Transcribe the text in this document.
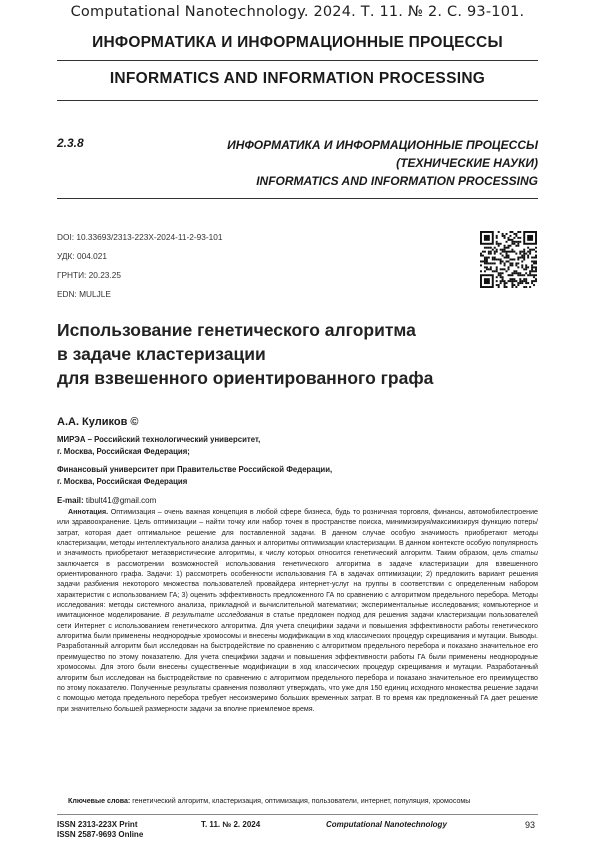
Computational Nanotechnology. 2024. Т. 11. № 2. С. 93-101.
ИНФОРМАТИКА И ИНФОРМАЦИОННЫЕ ПРОЦЕССЫ
INFORMATICS AND INFORMATION PROCESSING
2.3.8	ИНФОРМАТИКА И ИНФОРМАЦИОННЫЕ ПРОЦЕССЫ
(ТЕХНИЧЕСКИЕ НАУКИ)
INFORMATICS AND INFORMATION PROCESSING
DOI: 10.33693/2313-223X-2024-11-2-93-101
УДК: 004.021
ГРНТИ: 20.23.25
EDN: MULJLE
Использование генетического алгоритма
в задаче кластеризации
для взвешенного ориентированного графа
А.А. Куликов ©
МИРЭА – Российский технологический университет,
г. Москва, Российская Федерация;
Финансовый университет при Правительстве Российской Федерации,
г. Москва, Российская Федерация
E-mail: tibult41@gmail.com

Аннотация. Оптимизация – очень важная концепция в любой сфере бизнеса, будь то розничная торговля, финансы, автомобилестроение или здравоохранение. Цель оптимизации – найти точку или набор точек в пространстве поиска, минимизируя/максимизируя функцию потерь/затрат, которая дает оптимальное решение для поставленной задачи. В данном случае особую значимость приобретают методы кластеризации, методы интеллектуального анализа данных и алгоритмы оптимизации кластеризации. В данном контексте особую популярность и значимость приобретают метаэвристические алгоритмы, к числу которых относится генетический алгоритм. Таким образом, цель статьи заключается в рассмотрении возможностей использования генетического алгоритма в задаче кластеризации для взвешенного ориентированного графа. Задачи: 1) рассмотреть особенности использования ГА в задачах оптимизации; 2) предложить вариант решения задачи разбиения некоторого множества пользователей провайдера интернет-услуг на группы в соответствии с определенным набором характеристик с использованием ГА; 3) оценить эффективность предложенного ГА по сравнению с алгоритмом предельного перебора. Методы исследования: методы системного анализа, прикладной и вычислительной математики; экспериментальные исследования; компьютерное и имитационное моделирование. В результате исследования в статье предложен подход для решения задачи кластеризации пользователей сети Интернет с использованием генетического алгоритма. Для учета специфики задачи и повышения эффективности работы генетического алгоритма были применены неоднородные хромосомы и внесены модификации в ход классических процедур скрещивания и мутации. Выводы. Разработанный алгоритм был исследован на быстродействие по сравнению с алгоритмом предельного перебора и показано значительное его преимущество по этому показателю. Для учета специфики задачи и повышения эффективности работы ГА были применены неоднородные хромосомы. Для этого были внесены существенные модификации в ход классических процедур скрещивания и мутации. Разработанный алгоритм был исследован на быстродействие по сравнению с алгоритмом предельного перебора и показано значительное его преимущество по этому показателю. Полученные результаты сравнения позволяют утверждать, что уже для 150 единиц исходного множества решение задачи с помощью метода предельного перебора требует несоизмеримо больших временных затрат. В то время как предложенный ГА дает решение при значительно большей размерности задачи за вполне приемлемое время.

Ключевые слова: генетический алгоритм, кластеризация, оптимизация, пользователи, интернет, популяция, хромосомы
ISSN 2313-223X Print
ISSN 2587-9693 Online
Т. 11. № 2. 2024	Computational Nanotechnology	93
